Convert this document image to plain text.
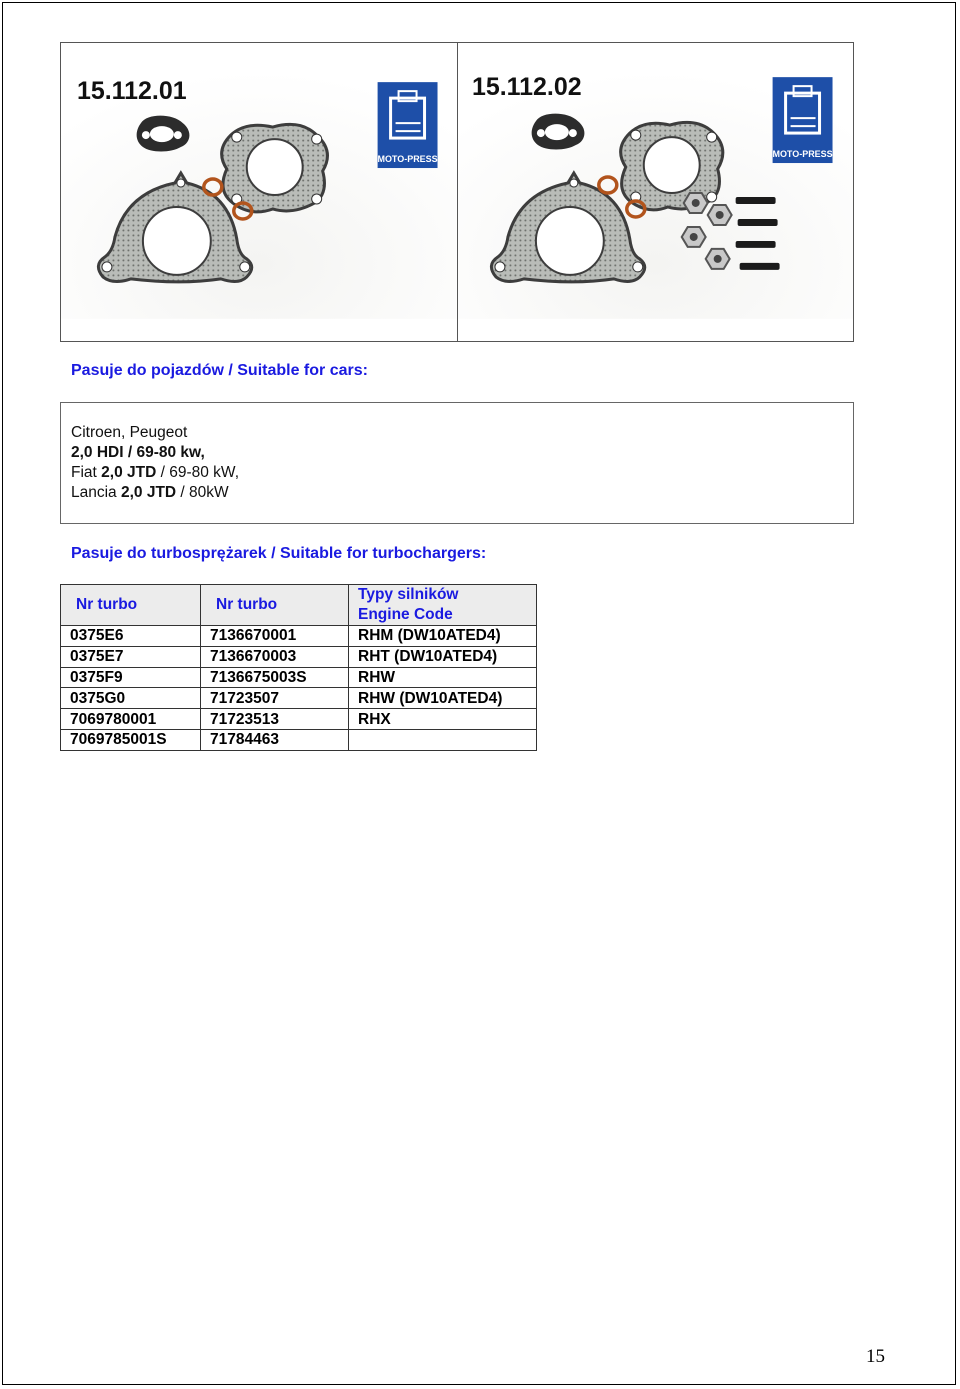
MOTO-PRESS
15.112.01
MOTO-PRESS
15.112.02
Pasuje do pojazdów / Suitable for cars:
Citroen, Peugeot
2,0 HDI / 69-80 kw,
Fiat 2,0 JTD / 69-80 kW,
Lancia 2,0 JTD / 80kW
Pasuje do turbosprężarek / Suitable for turbochargers:
Nr turbo	Nr turbo	Typy silników
Engine Code
0375E6	7136670001	RHM (DW10ATED4)
0375E7	7136670003	RHT (DW10ATED4)
0375F9	7136675003S	RHW
0375G0	71723507	RHW (DW10ATED4)
7069780001	71723513	RHX
7069785001S	71784463	
15
